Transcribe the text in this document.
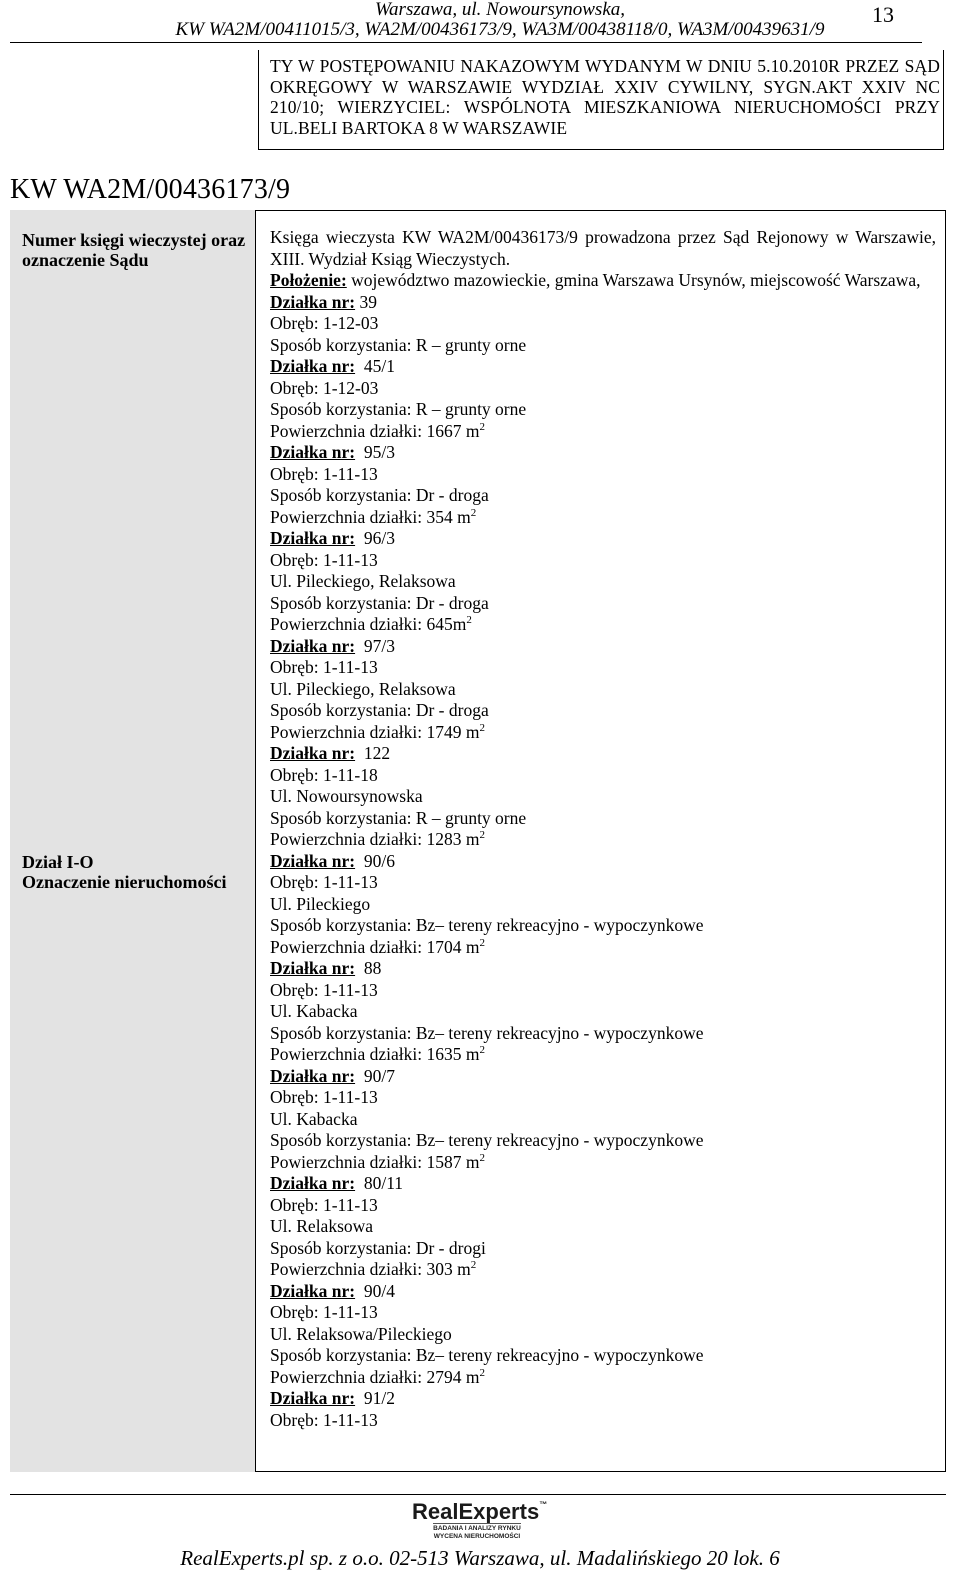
Warszawa, ul. Nowoursynowska,
KW WA2M/00411015/3, WA2M/00436173/9, WA3M/00438118/0, WA3M/00439631/9
13
TY W POSTĘPOWANIU NAKAZOWYM WYDANYM W DNIU 5.10.2010R PRZEZ SĄD OKRĘGOWY W WARSZAWIE WYDZIAŁ XXIV CYWILNY, SYGN.AKT XXIV NC 210/10; WIERZYCIEL: WSPÓLNOTA MIESZKANIOWA NIERUCHOMOŚCI PRZY UL.BELI BARTOKA 8 W WARSZAWIE
KW WA2M/00436173/9
Numer księgi wieczystej oraz oznaczenie Sądu
Dział I-O
Oznaczenie nieruchomości
Księga wieczysta KW WA2M/00436173/9 prowadzona przez Sąd Rejonowy w Warszawie, XIII. Wydział Ksiąg Wieczystych.
Położenie: województwo mazowieckie, gmina Warszawa Ursynów, miejscowość Warszawa,
Działka nr: 39
Obręb: 1-12-03
Sposób korzystania: R – grunty orne
Działka nr:  45/1
Obręb: 1-12-03
Sposób korzystania: R – grunty orne
Powierzchnia działki: 1667 $m^2$
Działka nr:  95/3
Obręb: 1-11-13
Sposób korzystania: Dr - droga
Powierzchnia działki: 354 $m^2$
Działka nr:  96/3
Obręb: 1-11-13
Ul. Pileckiego, Relaksowa
Sposób korzystania: Dr - droga
Powierzchnia działki: $645m^2$
Działka nr:  97/3
Obręb: 1-11-13
Ul. Pileckiego, Relaksowa
Sposób korzystania: Dr - droga
Powierzchnia działki: 1749 $m^2$
Działka nr:  122
Obręb: 1-11-18
Ul. Nowoursynowska
Sposób korzystania: R – grunty orne
Powierzchnia działki: 1283 $m^2$
Działka nr:  90/6
Obręb: 1-11-13
Ul. Pileckiego
Sposób korzystania: Bz– tereny rekreacyjno - wypoczynkowe
Powierzchnia działki: 1704 $m^2$
Działka nr:  88
Obręb: 1-11-13
Ul. Kabacka
Sposób korzystania: Bz– tereny rekreacyjno - wypoczynkowe
Powierzchnia działki: 1635 $m^2$
Działka nr:  90/7
Obręb: 1-11-13
Ul. Kabacka
Sposób korzystania: Bz– tereny rekreacyjno - wypoczynkowe
Powierzchnia działki: 1587 $m^2$
Działka nr:  80/11
Obręb: 1-11-13
Ul. Relaksowa
Sposób korzystania: Dr - drogi
Powierzchnia działki: 303 $m^2$
Działka nr:  90/4
Obręb: 1-11-13
Ul. Relaksowa/Pileckiego
Sposób korzystania: Bz– tereny rekreacyjno - wypoczynkowe
Powierzchnia działki: 2794 $m^2$
Działka nr:  91/2
Obręb: 1-11-13
RealExperts™
BADANIA I ANALIZY RYNKU
WYCENA NIERUCHOMOŚCI
RealExperts.pl sp. z o.o. 02-513 Warszawa, ul. Madalińskiego 20 lok. 6
